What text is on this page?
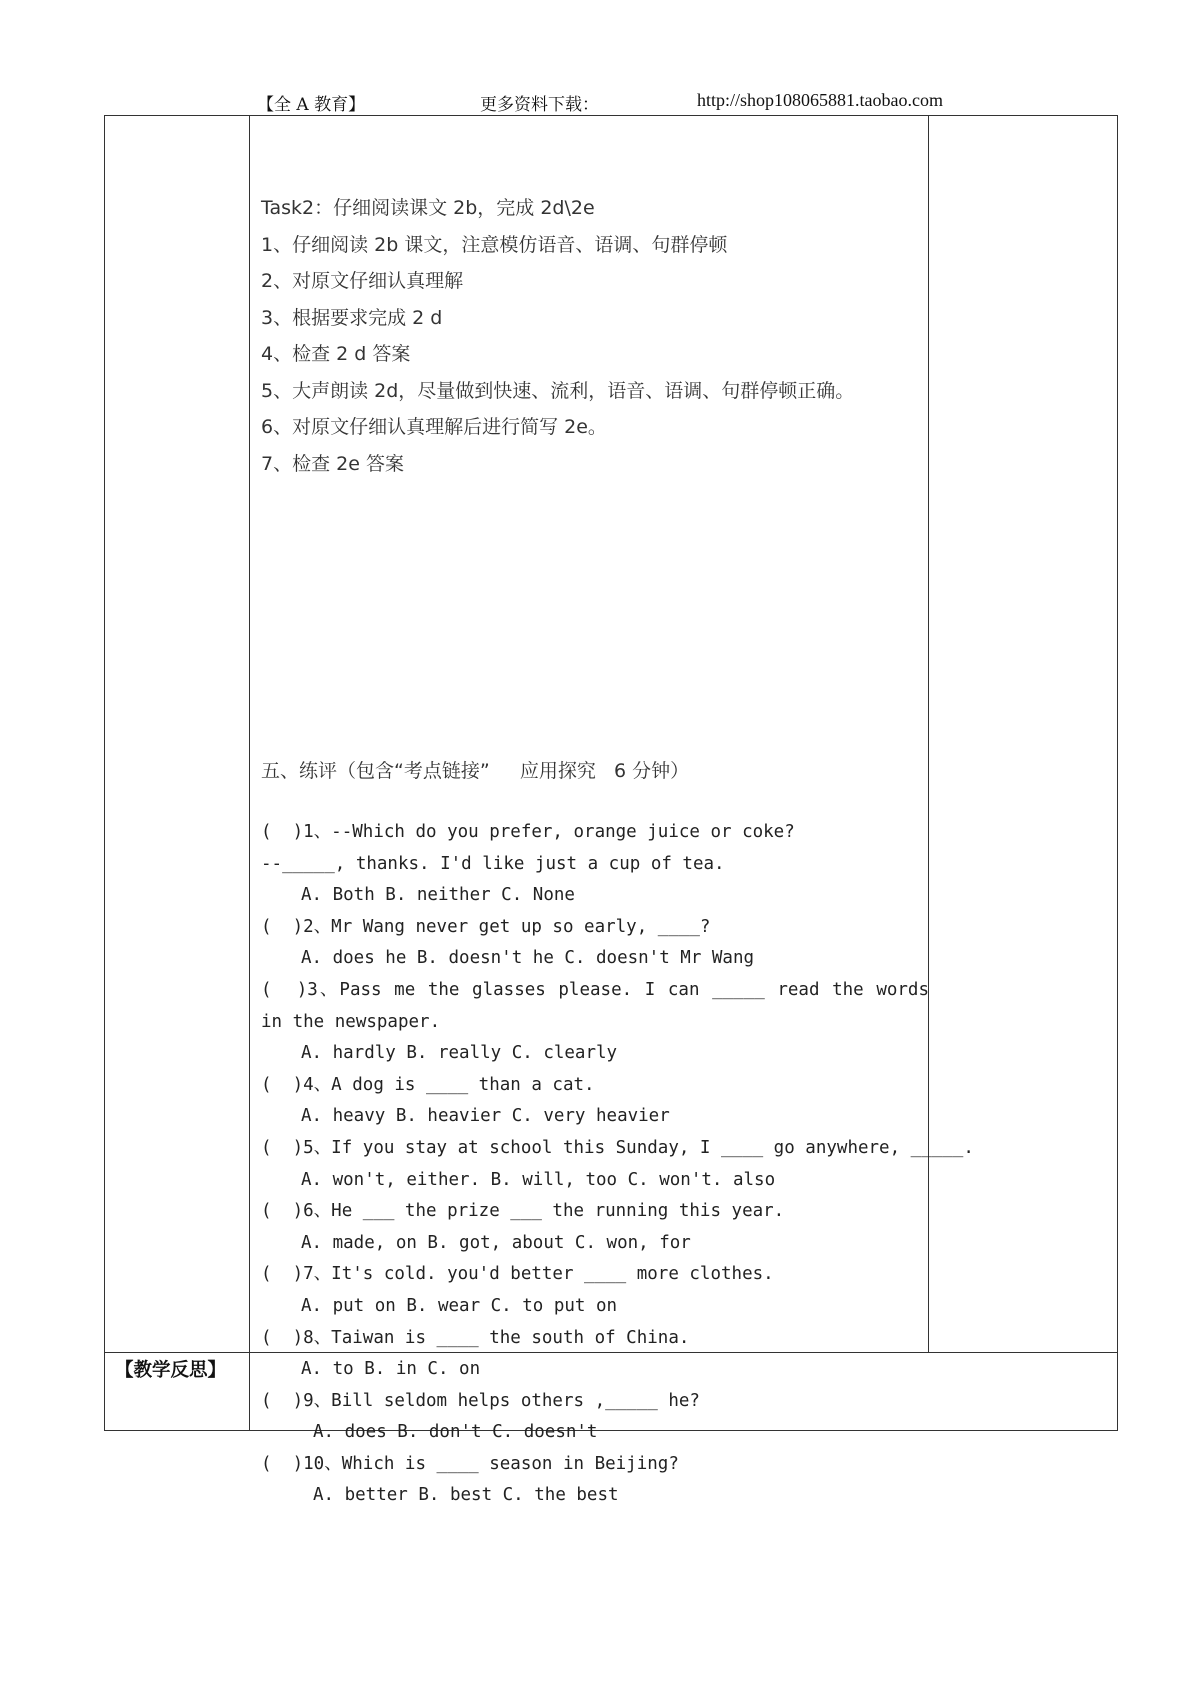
【全 A 教育】	更多资料下载：	http://shop108065881.taobao.com
Task2：仔细阅读课文 2b，完成 2d\2e
1、仔细阅读 2b 课文，注意模仿语音、语调、句群停顿
2、对原文仔细认真理解
3、根据要求完成 2 d
4、检查 2 d 答案
5、大声朗读 2d，尽量做到快速、流利，语音、语调、句群停顿正确。
6、对原文仔细认真理解后进行简写 2e。
7、检查 2e 答案
五、练评（包含“考点链接”     应用探究   6 分钟）
(  )1、--Which do you prefer, orange juice or coke?
--_____, thanks. I'd like just a cup of tea.
A. Both B. neither C. None
(  )2、Mr Wang never get up so early, ____?
A. does he B. doesn't he C. doesn't Mr Wang
(  )3、Pass me the glasses please. I can _____ read the words in the newspaper.
A. hardly B. really C. clearly
(  )4、A dog is ____ than a cat.
A. heavy B. heavier C. very heavier
(  )5、If you stay at school this Sunday, I ____ go anywhere, _____.
A. won't, either. B. will, too C. won't. also
(  )6、He ___ the prize ___ the running this year.
A. made, on B. got, about C. won, for
(  )7、It's cold. you'd better ____ more clothes.
A. put on B. wear C. to put on
(  )8、Taiwan is ____ the south of China.
A. to B. in C. on
(  )9、Bill seldom helps others ,_____ he?
A. does B. don't C. doesn't
(  )10、Which is ____ season in Beijing?
A. better B. best C. the best
【教学反思】
